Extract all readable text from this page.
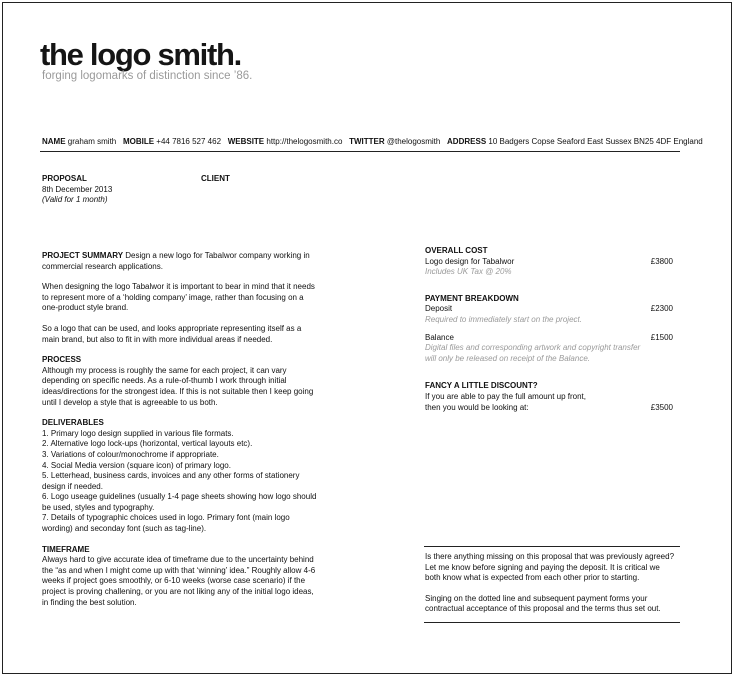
the logo smith.
forging logomarks of distinction since ’86.
NAME graham smith MOBILE +44 7816 527 462 WEBSITE http://thelogosmith.co TWITTER @thelogosmith ADDRESS 10 Badgers Copse Seaford East Sussex BN25 4DF England
PROPOSAL
8th December 2013
(Valid for 1 month)
CLIENT

PROJECT SUMMARY Design a new logo for Tabalwor company working in commercial research applications.

When designing the logo Tabalwor it is important to bear in mind that it needs to represent more of a ‘holding company’ image, rather than focusing on a one-product style brand.

So a logo that can be used, and looks appropriate representing itself as a main brand, but also to fit in with more individual areas if needed.

PROCESS

Although my process is roughly the same for each project, it can vary depending on specific needs. As a rule-of-thumb I work through initial ideas/directions for the strongest idea. If this is not suitable then I keep going until I develop a style that is agreeable to us both.

DELIVERABLES
1. Primary logo design supplied in various file formats.
2. Alternative logo lock-ups (horizontal, vertical layouts etc).
3. Variations of colour/monochrome if appropriate.
4. Social Media version (square icon) of primary logo.
5. Letterhead, business cards, invoices and any other forms of stationery design if needed.
6. Logo useage guidelines (usually 1-4 page sheets showing how logo should be used, styles and typography.
7. Details of typographic choices used in logo. Primary font (main logo wording) and seconday font (such as tag-line).
TIMEFRAME

Always hard to give accurate idea of timeframe due to the uncertainty behind the “as and when I might come up with that ‘winning’ idea.” Roughly allow 4-6 weeks if project goes smoothly, or 6-10 weeks (worse case scenario) if the project is proving challening, or you are not liking any of the initial logo ideas, in finding the best solution.

OVERALL COST
Logo design for Tabalwor	£3800
Includes UK Tax @ 20%
PAYMENT BREAKDOWN
Deposit	£2300
Required to immediately start on the project.
Balance	£1500
Digital files and corresponding artwork and copyright transfer will only be released on receipt of the Balance.
FANCY A LITTLE DISCOUNT?
If you are able to pay the full amount up front,
then you would be looking at:	£3500

Is there anything missing on this proposal that was previously agreed? Let me know before signing and paying the deposit. It is critical we both know what is expected from each other prior to starting.

Singing on the dotted line and subsequent payment forms your contractual acceptance of this proposal and the terms thus set out.
